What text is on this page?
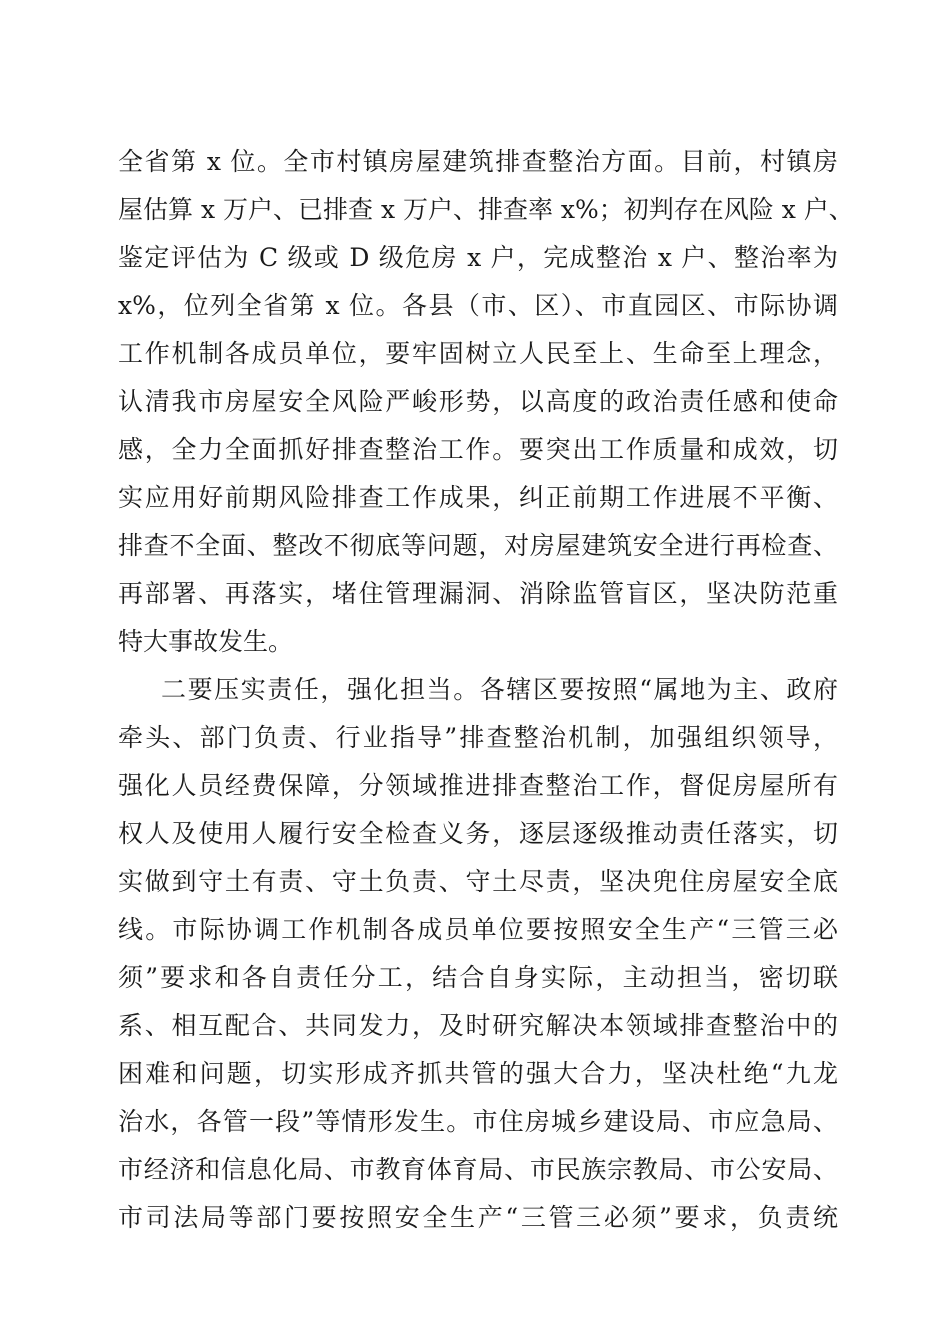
全省第 x 位。全市村镇房屋建筑排查整治方面。目前，村镇房
屋估算 x 万户、已排查 x 万户、排查率 x%；初判存在风险 x 户、
鉴定评估为 C 级或 D 级危房 x 户，完成整治 x 户、整治率为
x%，位列全省第 x 位。各县（市、区）、市直园区、市际协调
工作机制各成员单位，要牢固树立人民至上、生命至上理念，
认清我市房屋安全风险严峻形势，以高度的政治责任感和使命
感，全力全面抓好排查整治工作。要突出工作质量和成效，切
实应用好前期风险排查工作成果，纠正前期工作进展不平衡、
排查不全面、整改不彻底等问题，对房屋建筑安全进行再检查、
再部署、再落实，堵住管理漏洞、消除监管盲区，坚决防范重
特大事故发生。
二要压实责任，强化担当。各辖区要按照“属地为主、政府
牵头、部门负责、行业指导”排查整治机制，加强组织领导，
强化人员经费保障，分领域推进排查整治工作，督促房屋所有
权人及使用人履行安全检查义务，逐层逐级推动责任落实，切
实做到守土有责、守土负责、守土尽责，坚决兜住房屋安全底
线。市际协调工作机制各成员单位要按照安全生产“三管三必
须”要求和各自责任分工，结合自身实际，主动担当，密切联
系、相互配合、共同发力，及时研究解决本领域排查整治中的
困难和问题，切实形成齐抓共管的强大合力，坚决杜绝“九龙
治水，各管一段”等情形发生。市住房城乡建设局、市应急局、
市经济和信息化局、市教育体育局、市民族宗教局、市公安局、
市司法局等部门要按照安全生产“三管三必须”要求，负责统
